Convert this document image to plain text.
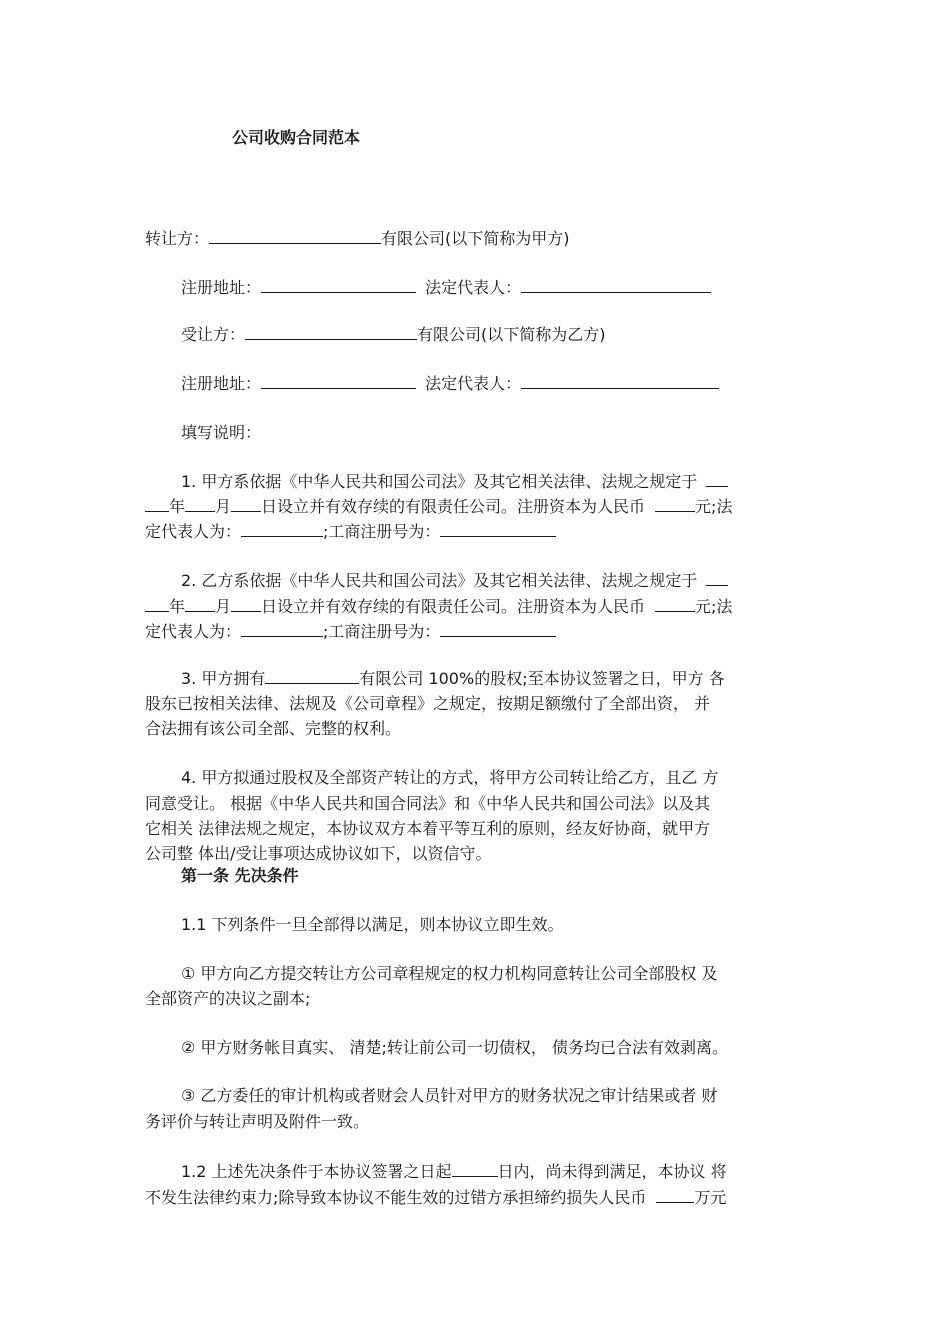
公司收购合同范本
转让方：	有限公司(以下简称为甲方)
注册地址：	法定代表人：
受让方：	有限公司(以下简称为乙方)
注册地址：	法定代表人：
填写说明：
1. 甲方系依据《中华人民共和国公司法》及其它相关法律、法规之规定于
年 月 日设立并有效存续的有限责任公司。注册资本为人民币	元;法
定代表人为：	;工商注册号为：
2. 乙方系依据《中华人民共和国公司法》及其它相关法律、法规之规定于
年 月 日设立并有效存续的有限责任公司。注册资本为人民币	元;法
定代表人为：	;工商注册号为：
3. 甲方拥有	有限公司 100%的股权;至本协议签署之日，甲方 各
股东已按相关法律、法规及《公司章程》之规定，按期足额缴付了全部出资， 并
合法拥有该公司全部、完整的权利。
4. 甲方拟通过股权及全部资产转让的方式，将甲方公司转让给乙方，且乙 方
同意受让。 根据《中华人民共和国合同法》和《中华人民共和国公司法》以及其
它相关 法律法规之规定，本协议双方本着平等互利的原则，经友好协商，就甲方
公司整 体出/受让事项达成协议如下，以资信守。
第一条 先决条件
1.1 下列条件一旦全部得以满足，则本协议立即生效。
① 甲方向乙方提交转让方公司章程规定的权力机构同意转让公司全部股权 及
全部资产的决议之副本;
② 甲方财务帐目真实、 清楚;转让前公司一切债权， 债务均已合法有效剥离。
③ 乙方委任的审计机构或者财会人员针对甲方的财务状况之审计结果或者 财
务评价与转让声明及附件一致。
1.2 上述先决条件于本协议签署之日起	日内，尚未得到满足，本协议 将
不发生法律约束力;除导致本协议不能生效的过错方承担缔约损失人民币	万元
